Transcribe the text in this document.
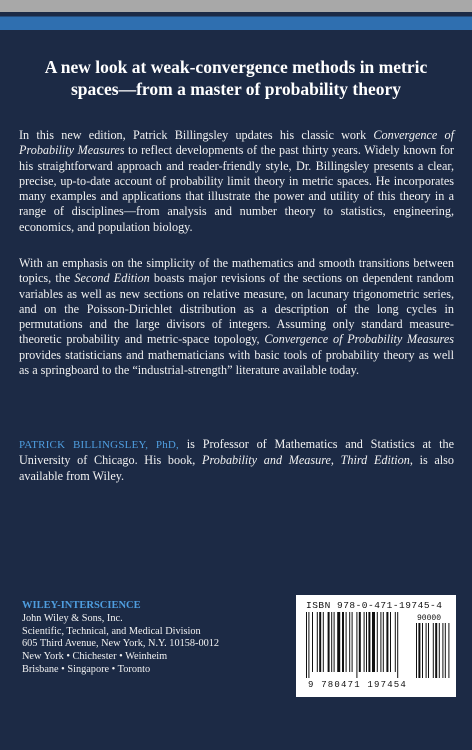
A new look at weak-convergence methods in metric
spaces—from a master of probability theory

In this new edition, Patrick Billingsley updates his classic work Convergence of Probability Measures to reflect developments of the past thirty years. Widely known for his straightforward approach and reader-friendly style, Dr. Billingsley presents a clear, precise, up-to-date account of probability limit theory in metric spaces. He incorporates many examples and applications that illustrate the power and utility of this theory in a range of disciplines—from analysis and number theory to statistics, engineering, economics, and population biology.

With an emphasis on the simplicity of the mathematics and smooth transitions between topics, the Second Edition boasts major revisions of the sections on dependent random variables as well as new sections on relative measure, on lacunary trigonometric series, and on the Poisson-Dirichlet distribution as a description of the long cycles in permutations and the large divisors of integers. Assuming only standard measure-theoretic probability and metric-space topology, Convergence of Probability Measures provides statisticians and mathematicians with basic tools of probability theory as well as a springboard to the “industrial-strength” literature available today.

PATRICK BILLINGSLEY, PhD, is Professor of Mathematics and Statistics at the University of Chicago. His book, Probability and Measure, Third Edition, is also available from Wiley.

WILEY-INTERSCIENCE
John Wiley & Sons, Inc.
Scientific, Technical, and Medical Division
605 Third Avenue, New York, N.Y. 10158-0012
New York • Chichester • Weinheim
Brisbane • Singapore • Toronto
ISBN 978-0-471-19745-4
90000
9 780471 197454
